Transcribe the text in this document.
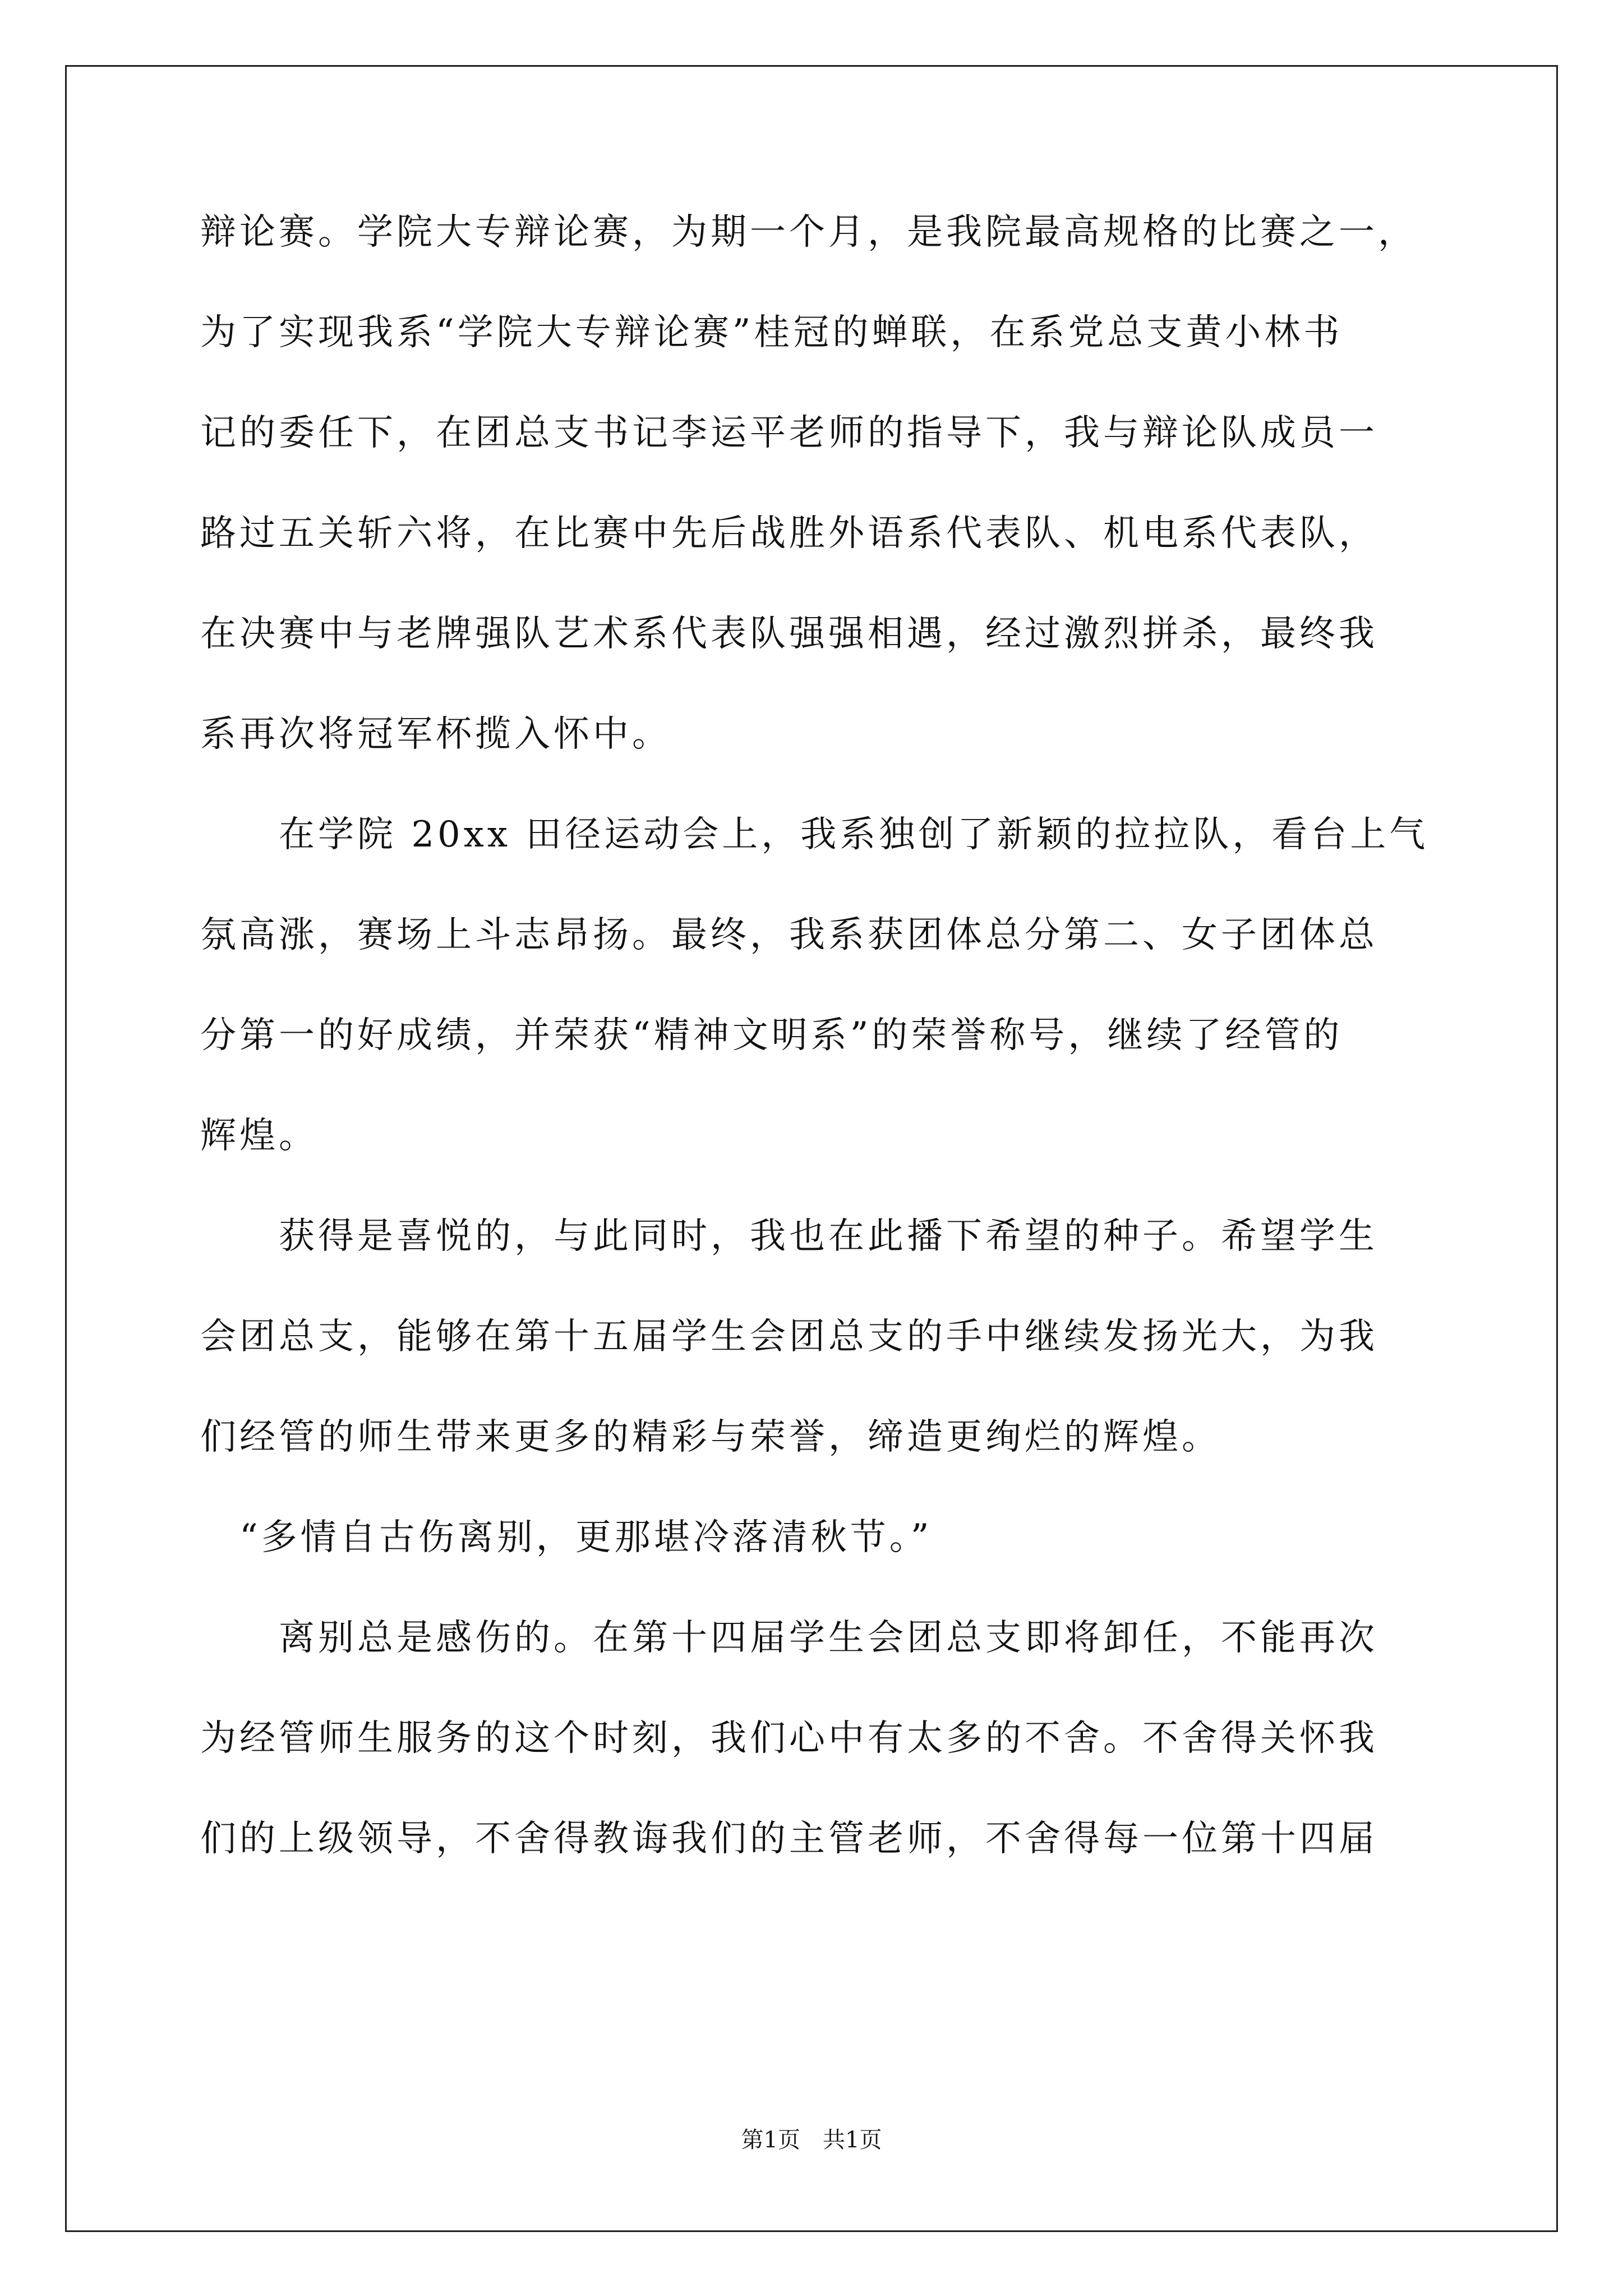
辩论赛。学院大专辩论赛，为期一个月，是我院最高规格的比赛之一，
为了实现我系“学院大专辩论赛”桂冠的蝉联，在系党总支黄小林书
记的委任下，在团总支书记李运平老师的指导下，我与辩论队成员一
路过五关斩六将，在比赛中先后战胜外语系代表队、机电系代表队，
在决赛中与老牌强队艺术系代表队强强相遇，经过激烈拼杀，最终我
系再次将冠军杯揽入怀中。
　　在学院 20xx 田径运动会上，我系独创了新颖的拉拉队，看台上气
氛高涨，赛场上斗志昂扬。最终，我系获团体总分第二、女子团体总
分第一的好成绩，并荣获“精神文明系”的荣誉称号，继续了经管的
辉煌。
　　获得是喜悦的，与此同时，我也在此播下希望的种子。希望学生
会团总支，能够在第十五届学生会团总支的手中继续发扬光大，为我
们经管的师生带来更多的精彩与荣誉，缔造更绚烂的辉煌。
　“多情自古伤离别，更那堪冷落清秋节。”
　　离别总是感伤的。在第十四届学生会团总支即将卸任，不能再次
为经管师生服务的这个时刻，我们心中有太多的不舍。不舍得关怀我
们的上级领导，不舍得教诲我们的主管老师，不舍得每一位第十四届
第1页　共1页
